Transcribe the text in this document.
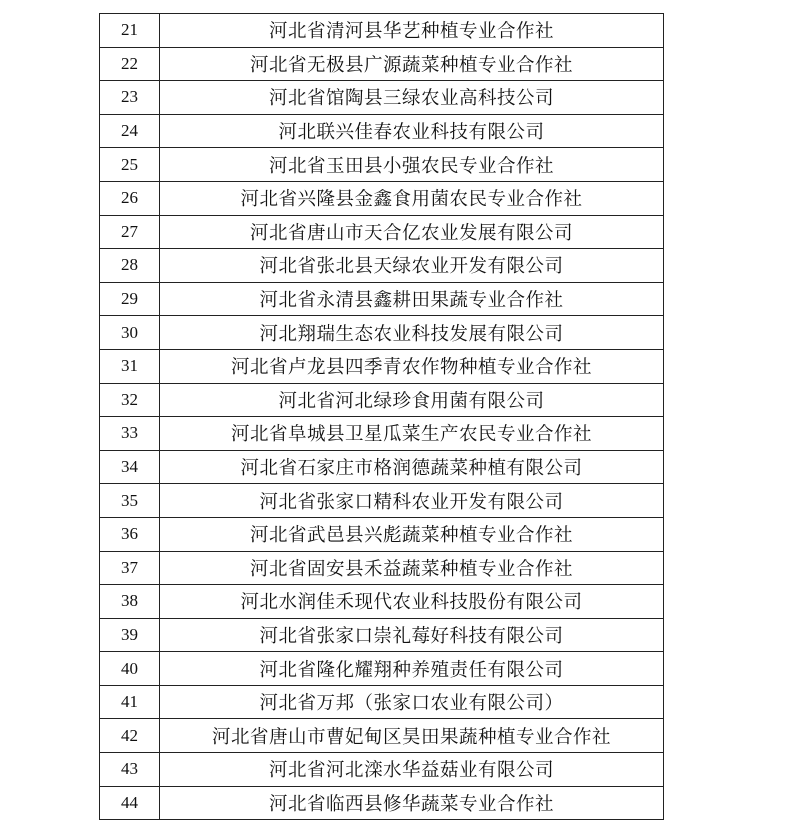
21	河北省清河县华艺种植专业合作社
22	河北省无极县广源蔬菜种植专业合作社
23	河北省馆陶县三绿农业高科技公司
24	河北联兴佳春农业科技有限公司
25	河北省玉田县小强农民专业合作社
26	河北省兴隆县金鑫食用菌农民专业合作社
27	河北省唐山市天合亿农业发展有限公司
28	河北省张北县天绿农业开发有限公司
29	河北省永清县鑫耕田果蔬专业合作社
30	河北翔瑞生态农业科技发展有限公司
31	河北省卢龙县四季青农作物种植专业合作社
32	河北省河北绿珍食用菌有限公司
33	河北省阜城县卫星瓜菜生产农民专业合作社
34	河北省石家庄市格润德蔬菜种植有限公司
35	河北省张家口精科农业开发有限公司
36	河北省武邑县兴彪蔬菜种植专业合作社
37	河北省固安县禾益蔬菜种植专业合作社
38	河北水润佳禾现代农业科技股份有限公司
39	河北省张家口崇礼莓好科技有限公司
40	河北省隆化耀翔种养殖责任有限公司
41	河北省万邦（张家口农业有限公司）
42	河北省唐山市曹妃甸区昊田果蔬种植专业合作社
43	河北省河北滦水华益菇业有限公司
44	河北省临西县修华蔬菜专业合作社
